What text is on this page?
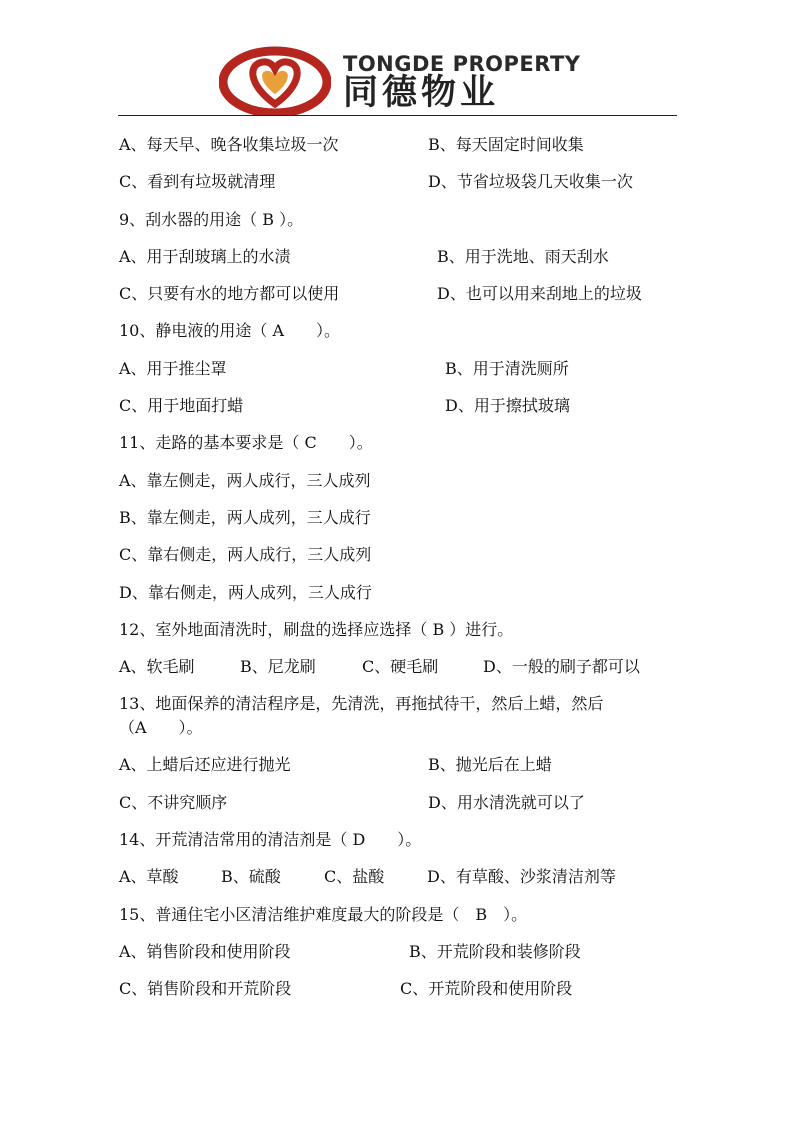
TONGDE PROPERTY
同德物业
A、每天早、晚各收集垃圾一次	B、每天固定时间收集
C、看到有垃圾就清理	D、节省垃圾袋几天收集一次
9、刮水器的用途（ B ）。
A、用于刮玻璃上的水渍	B、用于洗地、雨天刮水
C、只要有水的地方都可以使用	D、也可以用来刮地上的垃圾
10、静电液的用途（ A　　）。
A、用于推尘罩	B、用于清洗厕所
C、用于地面打蜡	D、用于擦拭玻璃
11、走路的基本要求是（ C　　）。
A、靠左侧走，两人成行，三人成列
B、靠左侧走，两人成列，三人成行
C、靠右侧走，两人成行，三人成列
D、靠右侧走，两人成列，三人成行
12、室外地面清洗时，刷盘的选择应选择（ B ）进行。
A、软毛刷	B、尼龙刷	C、硬毛刷	D、一般的刷子都可以
13、地面保养的清洁程序是，先清洗，再拖拭待干，然后上蜡，然后（A　　）。
A、上蜡后还应进行抛光	B、抛光后在上蜡
C、不讲究顺序	D、用水清洗就可以了
14、开荒清洁常用的清洁剂是（ D　　）。
A、草酸	B、硫酸	C、盐酸	D、有草酸、沙浆清洁剂等
15、普通住宅小区清洁维护难度最大的阶段是（　B　）。
A、销售阶段和使用阶段	B、开荒阶段和装修阶段
C、销售阶段和开荒阶段	C、开荒阶段和使用阶段
